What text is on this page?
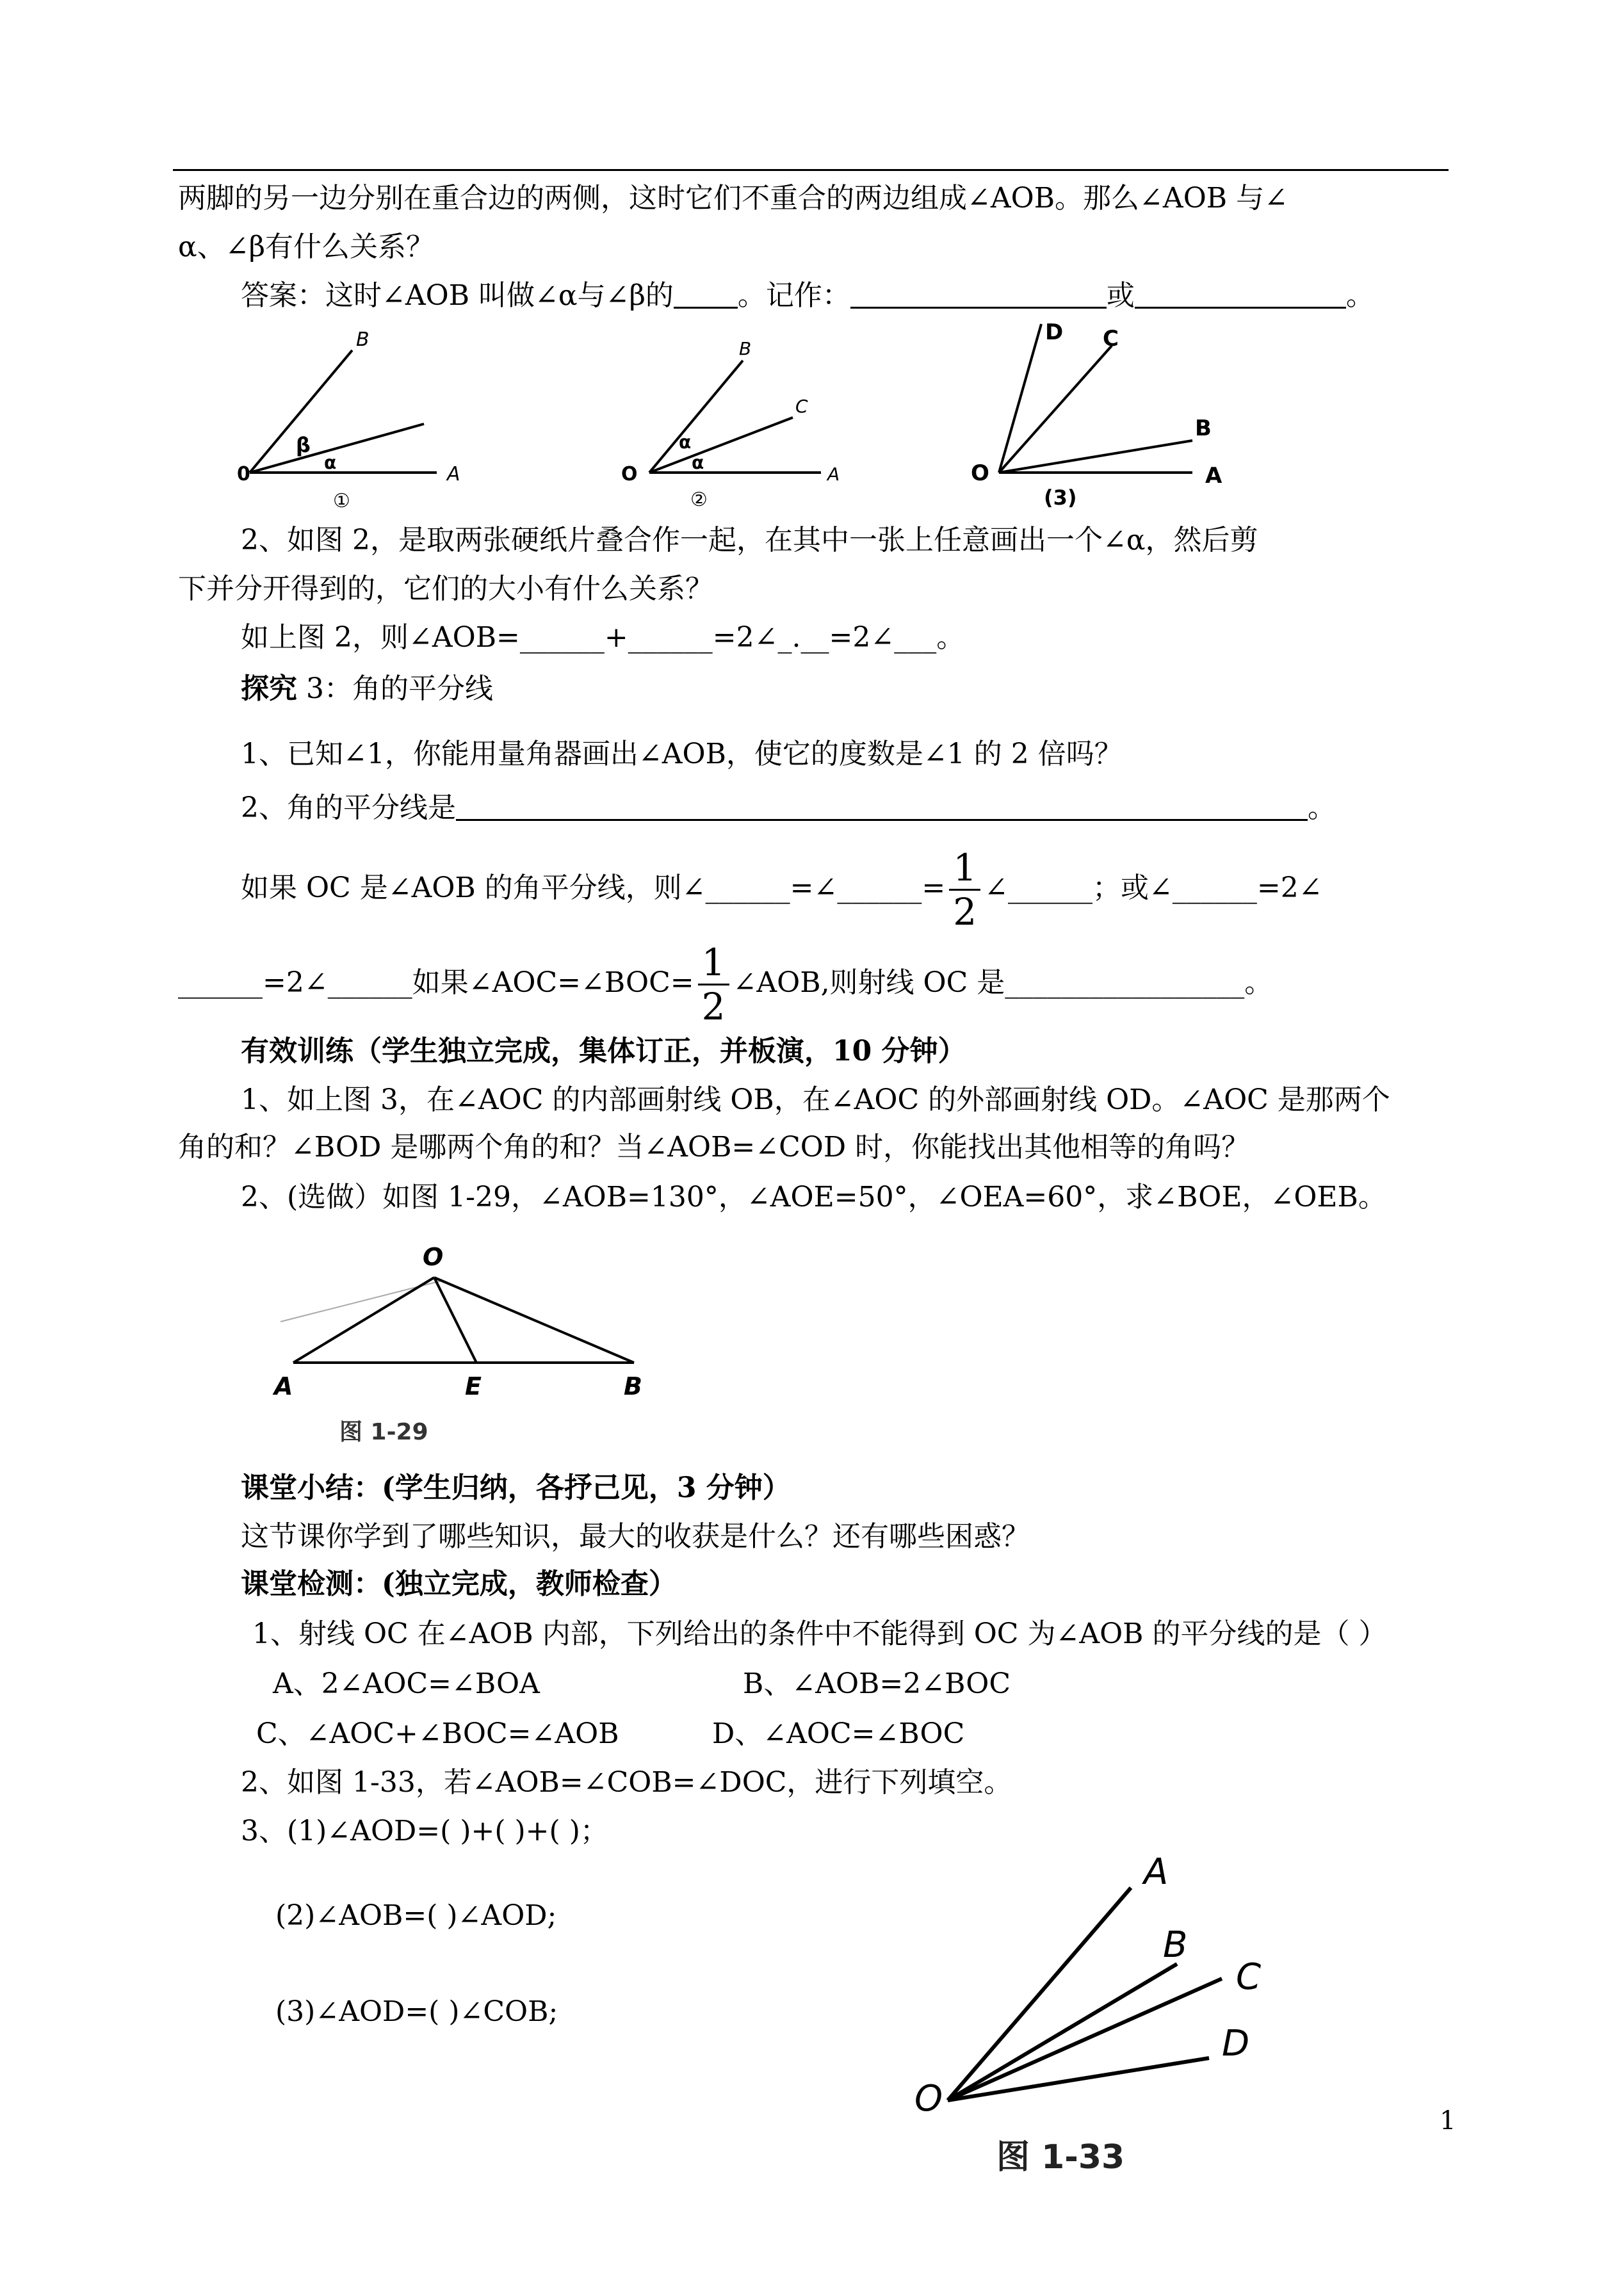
两脚的另一边分别在重合边的两侧，这时它们不重合的两边组成∠AOB。那么∠AOB 与∠
α、∠β有什么关系？
答案：这时∠AOB 叫做∠α与∠β的 。记作：	或	。
0	A
B
β
α
①
O	A
B
C
α
α
②
O	A
B
C
D
(3)
2、如图 2，是取两张硬纸片叠合作一起，在其中一张上任意画出一个∠α，然后剪
下并分开得到的，它们的大小有什么关系？
如上图 2，则∠AOB=______+______=2∠_.__=2∠___。
探究 3：角的平分线
1、已知∠1，你能用量角器画出∠AOB，使它的度数是∠1 的 2 倍吗？
2、角的平分线是	。
如果 OC 是∠AOB 的角平分线，则∠______=∠______= $\frac{1}{2}$ ∠______；或∠______=2∠
______=2∠______如果∠AOC=∠BOC= $\frac{1}{2}$ ∠AOB,则射线 OC 是_________________。
有效训练（学生独立完成，集体订正，并板演，10 分钟）
1、如上图 3，在∠AOC 的内部画射线 OB，在∠AOC 的外部画射线 OD。∠AOC 是那两个
角的和？∠BOD 是哪两个角的和？当∠AOB=∠COD 时，你能找出其他相等的角吗？
2、(选做）如图 1-29，∠AOB=130°，∠AOE=50°，∠OEA=60°，求∠BOE，∠OEB。
O
A	E	B
图 1-29
课堂小结：(学生归纳，各抒己见，3 分钟）
这节课你学到了哪些知识，最大的收获是什么？还有哪些困惑？
课堂检测：(独立完成，教师检查）
1、射线 OC 在∠AOB 内部，下列给出的条件中不能得到 OC 为∠AOB 的平分线的是（ ）
A、2∠AOC=∠BOA	B、∠AOB=2∠BOC
C、∠AOC+∠BOC=∠AOB	D、∠AOC=∠BOC
2、如图 1-33，若∠AOB=∠COB=∠DOC，进行下列填空。
3、(1)∠AOD=( )+( )+( )；
(2)∠AOB=( )∠AOD;
(3)∠AOD=( )∠COB;
O
A
B
C
D
图 1-33
1
